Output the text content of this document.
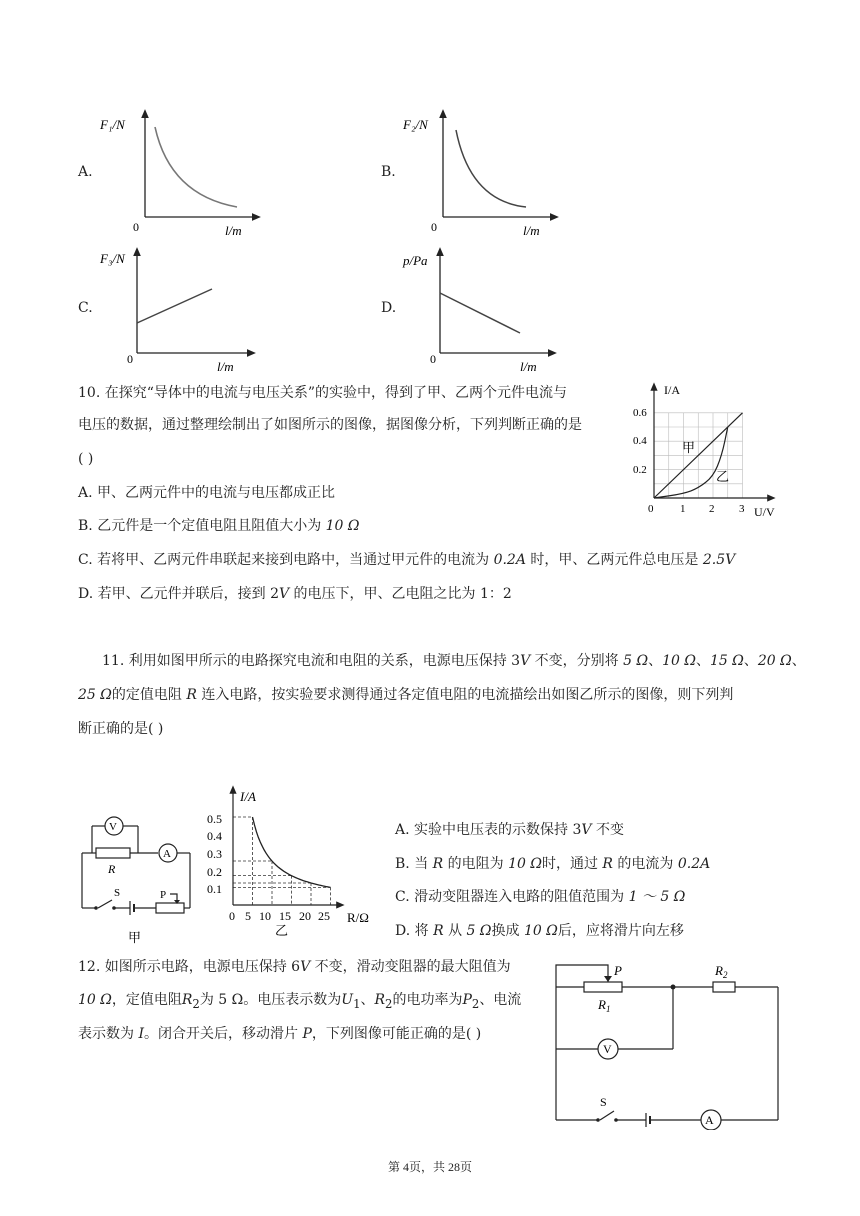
A.
F₁/N
0	l/m
B.
F₂/N
0	l/m
C.
F₃/N
0	l/m
D.
p/Pa
0	l/m
10. 在探究“导体中的电流与电压关系”的实验中，得到了甲、乙两个元件电流与
电压的数据，通过整理绘制出了如图所示的图像，据图像分析，下列判断正确的是
( )
A. 甲、乙两元件中的电流与电压都成正比
B. 乙元件是一个定值电阻且阻值大小为 10 Ω
C. 若将甲、乙两元件串联起来接到电路中，当通过甲元件的电流为 0.2A 时，甲、乙两元件总电压是 2.5V
D. 若甲、乙元件并联后，接到 2V 的电压下，甲、乙电阻之比为 1：2
I/A
U/V
0.6
0.4
0.2
0 1 2 3
甲
乙
11. 利用如图甲所示的电路探究电流和电阻的关系，电源电压保持 3V 不变，分别将 5 Ω、10 Ω、15 Ω、20 Ω、
25 Ω的定值电阻 R 连入电路，按实验要求测得通过各定值电阻的电流描绘出如图乙所示的图像，则下列判
断正确的是( )
V
A
R
S	P
甲
I/A
R/Ω
0.5
0.4
0.3
0.2
0.1
0 5 10 15 20 25
乙
A. 实验中电压表的示数保持 3V 不变
B. 当 R 的电阻为 10 Ω时，通过 R 的电流为 0.2A
C. 滑动变阻器连入电路的阻值范围为 1 ～ 5 Ω
D. 将 R 从 5 Ω换成 10 Ω后，应将滑片向左移
12. 如图所示电路，电源电压保持 6V 不变，滑动变阻器的最大阻值为
10 Ω，定值电阻$R_2$为 5 Ω。电压表示数为$U_1$、$R_2$的电功率为$P_2$、电流
表示数为 I。闭合开关后，移动滑片 P，下列图像可能正确的是( )
P
$R_1$
$R_2$
V
S
A
第 4页，共 28页
